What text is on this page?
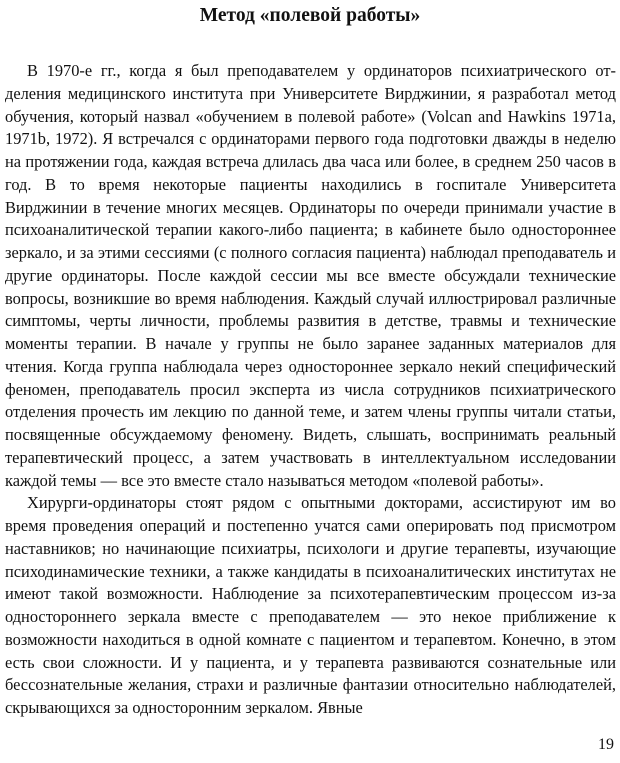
Метод «полевой работы»

В 1970-е гг., когда я был преподавателем у ординаторов психиатрического отделения медицинского института при Университете Вирджинии, я разработал метод обучения, который назвал «обучением в полевой работе» (Volcan and Hawkins 1971a, 1971b, 1972). Я встречался с ординаторами первого года подготовки дважды в неделю на протяжении года, каждая встреча длилась два часа или более, в среднем 250 часов в год. В то время некоторые пациенты находились в госпитале Университета Вирджинии в течение многих месяцев. Ординаторы по очереди принимали участие в психоаналитической терапии какого-либо пациента; в кабинете было одностороннее зеркало, и за этими сессиями (с полного согласия пациента) наблюдал преподаватель и другие ординаторы. После каждой сессии мы все вместе обсуждали технические вопросы, возникшие во время наблюдения. Каждый случай иллюстрировал различные симптомы, черты личности, проблемы развития в детстве, травмы и технические моменты терапии. В начале у группы не было заранее заданных материалов для чтения. Когда группа наблюдала через одностороннее зеркало некий специфический феномен, преподаватель просил эксперта из числа сотрудников психиатрического отделения прочесть им лекцию по данной теме, и затем члены группы читали статьи, посвященные обсуждаемому феномену. Видеть, слышать, воспринимать реальный терапевтический процесс, а затем участвовать в интеллектуальном исследовании каждой темы — все это вместе стало называться методом «полевой работы».

Хирурги-ординаторы стоят рядом с опытными докторами, ассистируют им во время проведения операций и постепенно учатся сами оперировать под присмотром наставников; но начинающие психиатры, психологи и другие терапевты, изучающие психодинамические техники, а также кандидаты в психоаналитических институтах не имеют такой возможности. Наблюдение за психотерапевтическим процессом из-за одностороннего зеркала вместе с преподавателем — это некое приближение к возможности находиться в одной комнате с пациентом и терапевтом. Конечно, в этом есть свои сложности. И у пациента, и у терапевта развиваются сознательные или бессознательные желания, страхи и различные фантазии относительно наблюдателей, скрывающихся за односторонним зеркалом. Явные

19
